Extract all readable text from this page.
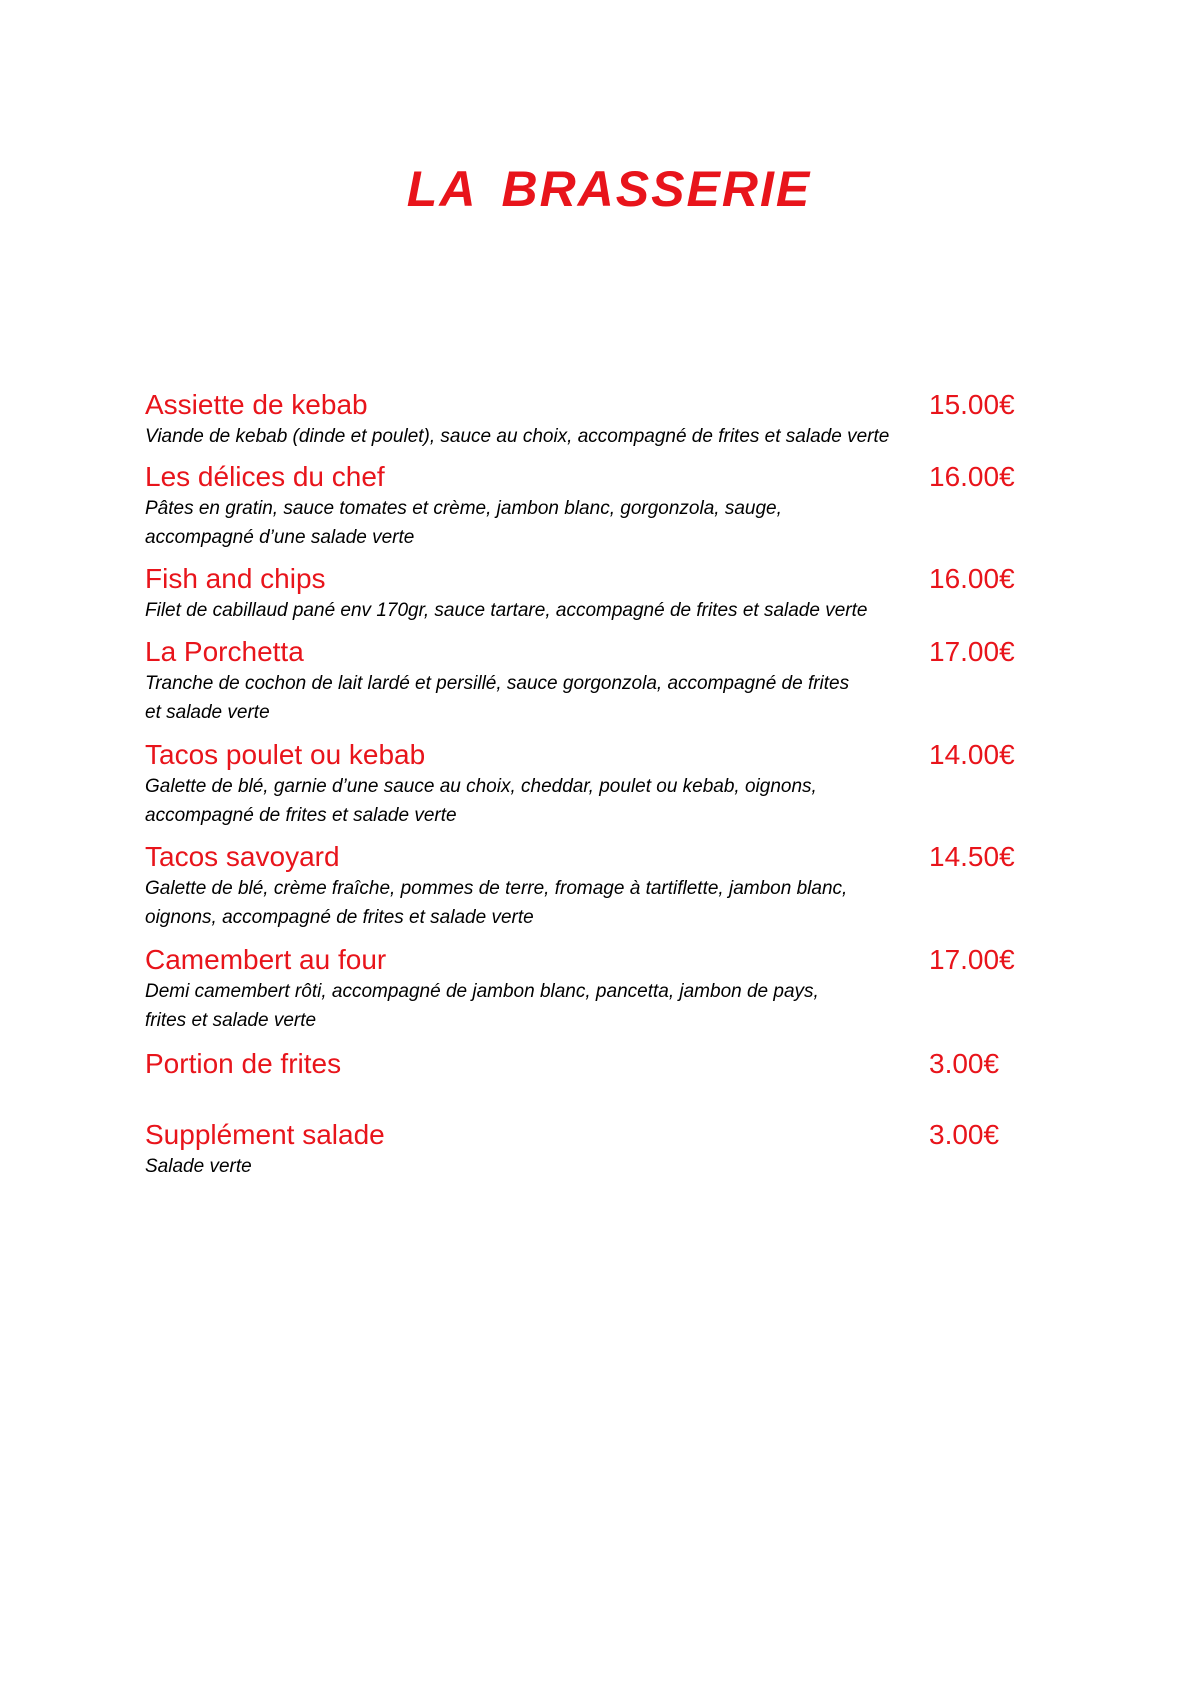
LA BRASSERIE
Assiette de kebab	15.00€
Viande de kebab (dinde et poulet), sauce au choix, accompagné de frites et salade verte
Les délices du chef	16.00€
Pâtes en gratin, sauce tomates et crème, jambon blanc, gorgonzola, sauge,
accompagné d’une salade verte
Fish and chips	16.00€
Filet de cabillaud pané env 170gr, sauce tartare, accompagné de frites et salade verte
La Porchetta	17.00€
Tranche de cochon de lait lardé et persillé, sauce gorgonzola, accompagné de frites
et salade verte
Tacos poulet ou kebab	14.00€
Galette de blé, garnie d’une sauce au choix, cheddar, poulet ou kebab, oignons,
accompagné de frites et salade verte
Tacos savoyard	14.50€
Galette de blé, crème fraîche, pommes de terre, fromage à tartiflette, jambon blanc,
oignons, accompagné de frites et salade verte
Camembert au four	17.00€
Demi camembert rôti, accompagné de jambon blanc, pancetta, jambon de pays,
frites et salade verte
Portion de frites	3.00€
Supplément salade	3.00€
Salade verte
